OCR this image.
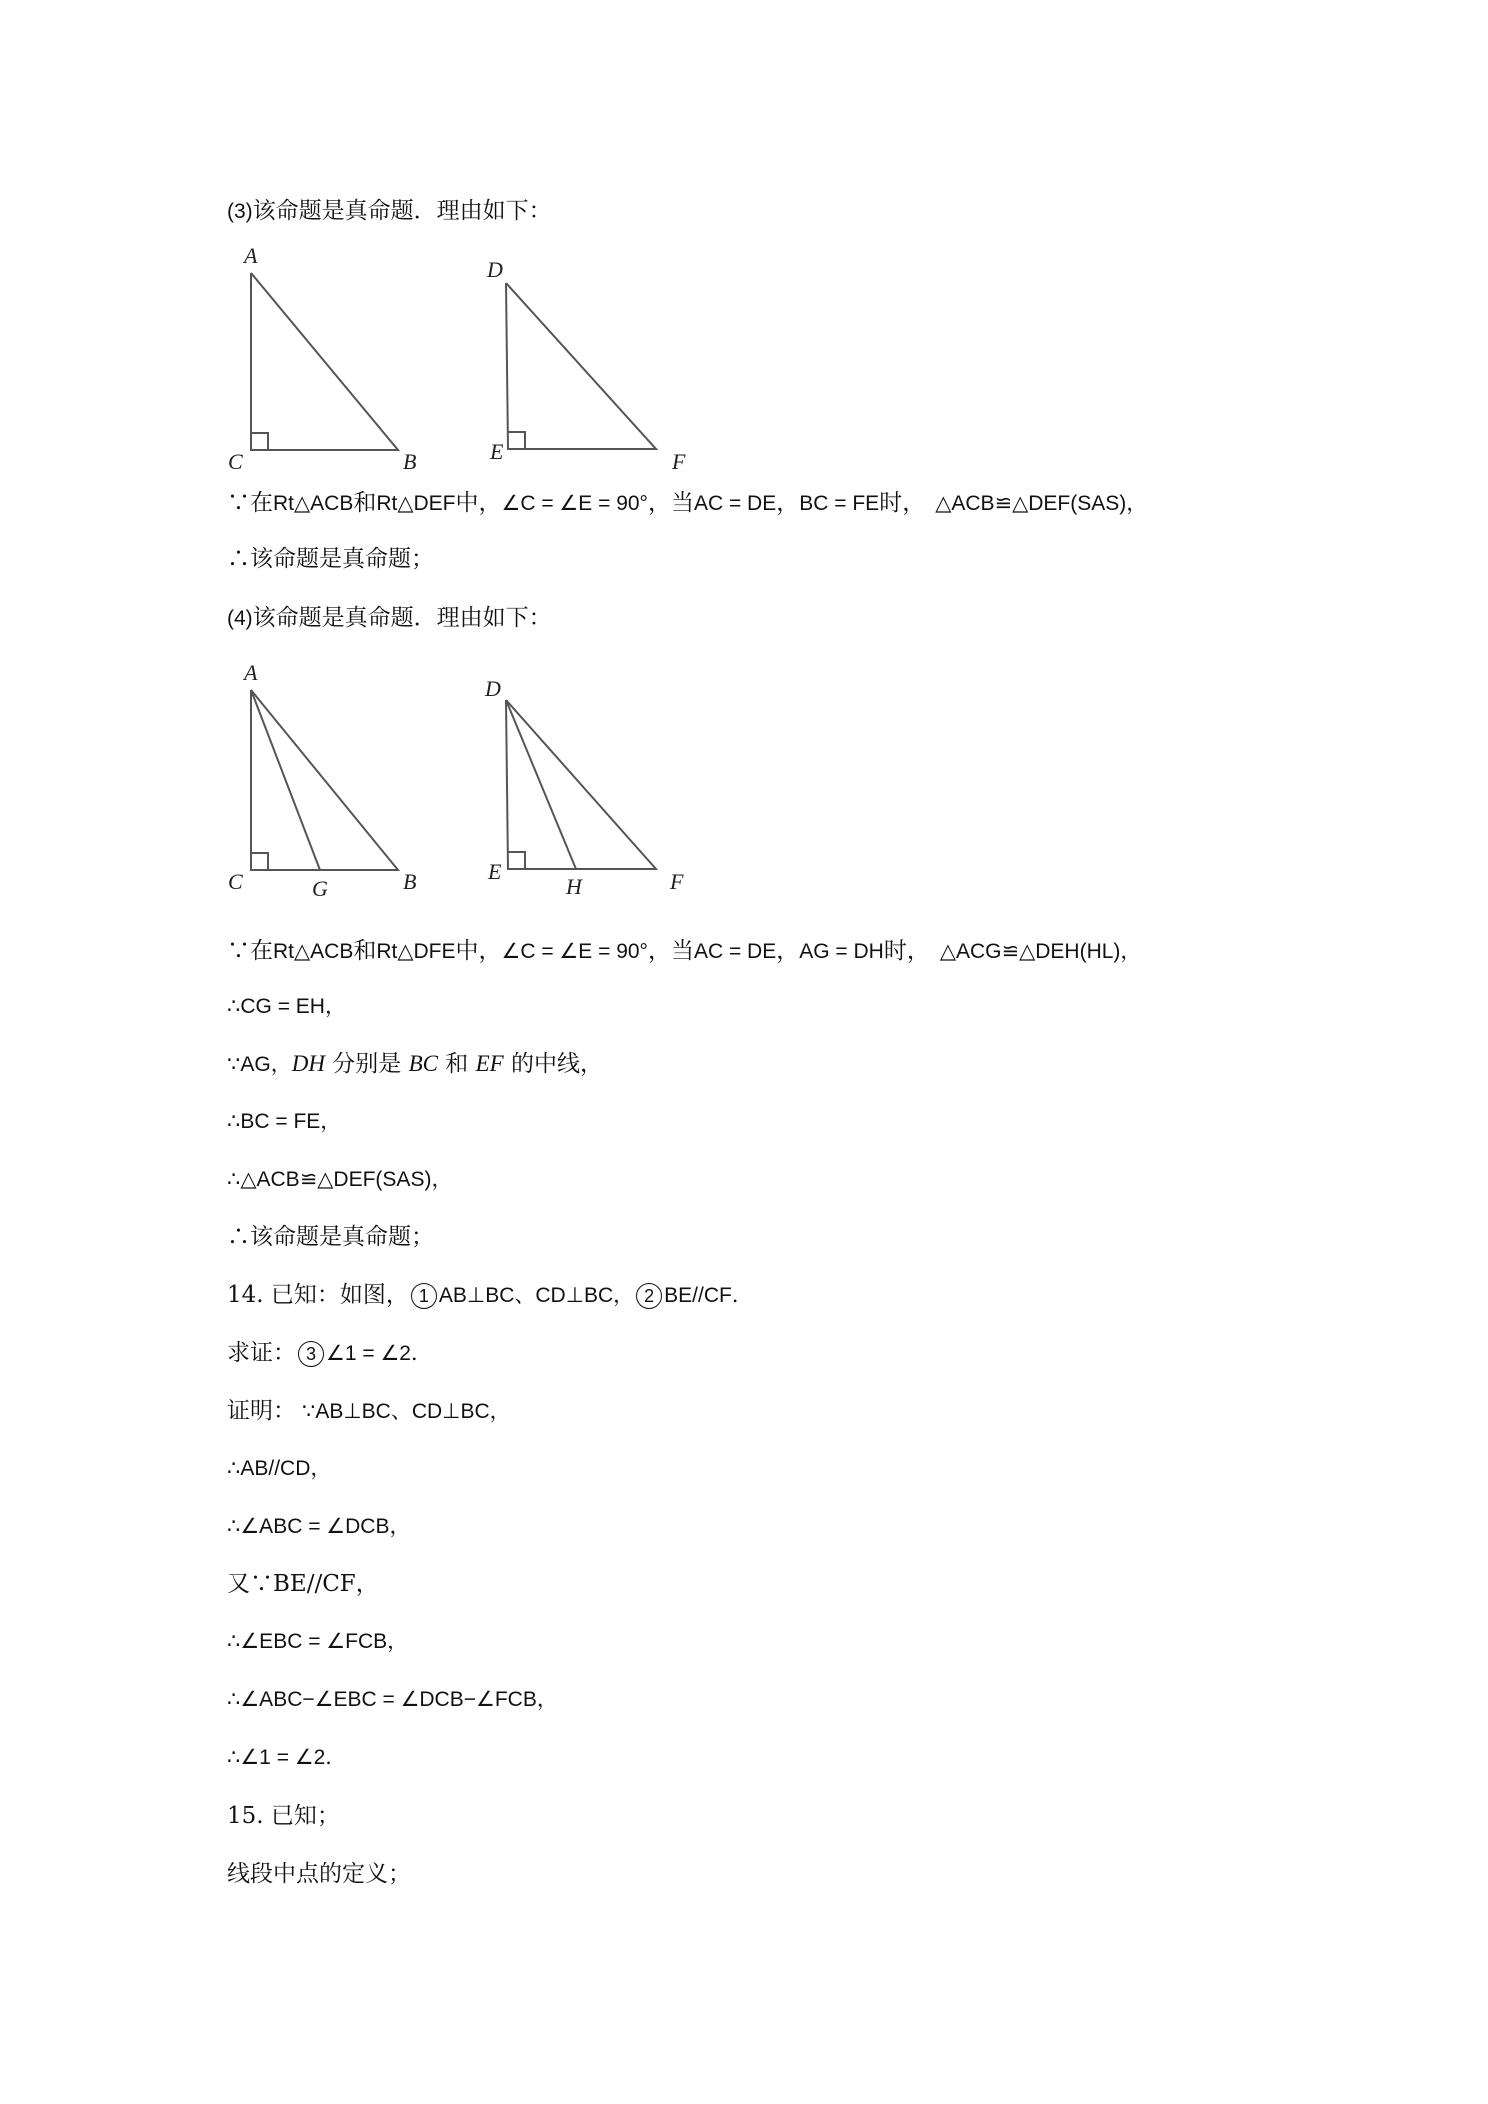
(3)该命题是真命题．理由如下：
A
C	B
D
E	F
∵在Rt△ACB和Rt△DEF中，∠C = ∠E = 90°，当AC = DE，BC = FE时， △ACB≌△DEF(SAS)，
∴该命题是真命题；
(4)该命题是真命题．理由如下：
A
C	G	B
D
E
H	F
∵在Rt△ACB和Rt△DFE中，∠C = ∠E = 90°，当AC = DE，AG = DH时， △ACG≌△DEH(HL)，
∴CG = EH，
∵AG，DH 分别是 BC 和 EF 的中线，
∴BC = FE，
∴△ACB≌△DEF(SAS)，
∴该命题是真命题；
14. 已知：如图， 1 AB⊥BC、CD⊥BC， 2 BE//CF．
求证： 3 ∠1 = ∠2．
证明： ∵AB⊥BC、CD⊥BC，
∴AB//CD，
∴∠ABC = ∠DCB，
又∵BE//CF，
∴∠EBC = ∠FCB，
∴∠ABC−∠EBC = ∠DCB−∠FCB，
∴∠1 = ∠2．
15. 已知；
线段中点的定义；
